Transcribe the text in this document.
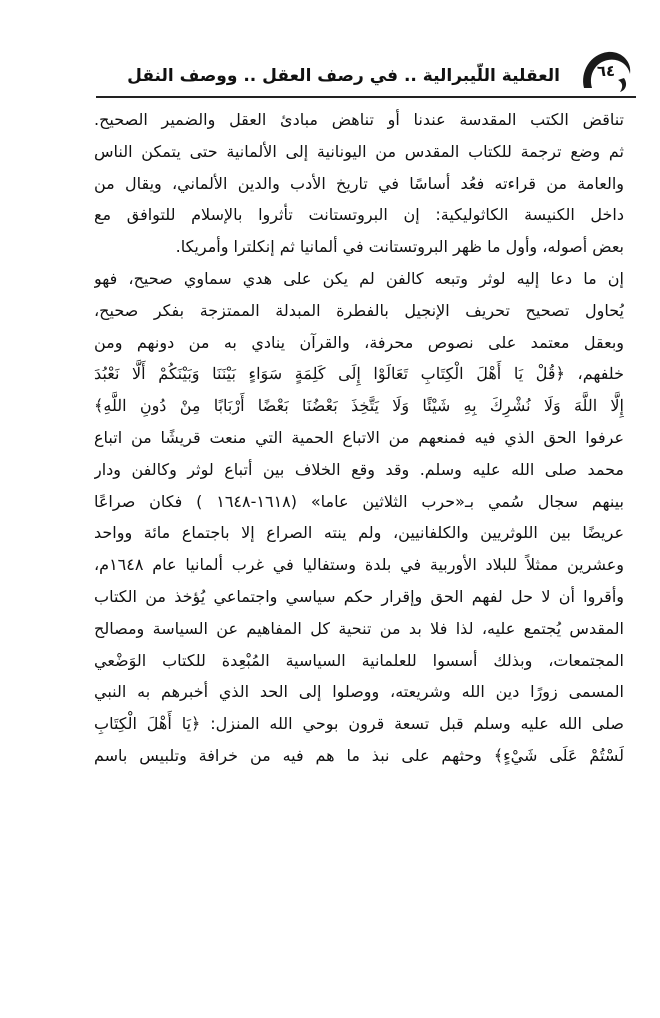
العقلية اللّيبرالية .. في رصف العقل .. ووصف النقل	٦٤
تناقض الكتب المقدسة عندنا أو تناهض مبادئ العقل والضمير الصحيح.
ثم وضع ترجمة للكتاب المقدس من اليونانية إلى الألمانية حتى يتمكن الناس
والعامة من قراءته فعُد أساسًا في تاريخ الأدب والدين الألماني، ويقال من
داخل الكنيسة الكاثوليكية: إن البروتستانت تأثروا بالإسلام للتوافق مع
بعض أصوله، وأول ما ظهر البروتستانت في ألمانيا ثم إنكلترا وأمريكا.
إن ما دعا إليه لوثر وتبعه كالفن لم يكن على هدي سماوي صحيح، فهو
يُحاول تصحيح تحريف الإنجيل بالفطرة المبدلة الممتزجة بفكر صحيح،
وبعقل معتمد على نصوص محرفة، والقرآن ينادي به من دونهم ومن
خلفهم، ﴿قُلْ يَا أَهْلَ الْكِتَابِ تَعَالَوْا إِلَى كَلِمَةٍ سَوَاءٍ بَيْنَنَا وَبَيْنَكُمْ أَلَّا نَعْبُدَ
إِلَّا اللَّهَ وَلَا نُشْرِكَ بِهِ شَيْئًا وَلَا يَتَّخِذَ بَعْضُنَا بَعْضًا أَرْبَابًا مِنْ دُونِ اللَّهِ﴾
عرفوا الحق الذي فيه فمنعهم من الاتباع الحمية التي منعت قريشًا من اتباع
محمد صلى الله عليه وسلم. وقد وقع الخلاف بين أتباع لوثر وكالفن ودار
بينهم سجال سُمي بـ«حرب الثلاثين عاما» (١٦١٨-١٦٤٨ ) فكان صراعًا
عريضًا بين اللوثريين والكلفانيين، ولم ينته الصراع إلا باجتماع مائة وواحد
وعشرين ممثلاً للبلاد الأوربية في بلدة وستفاليا في غرب ألمانيا عام ١٦٤٨م،
وأقروا أن لا حل لفهم الحق وإقرار حكم سياسي واجتماعي يُؤخذ من الكتاب
المقدس يُجتمع عليه، لذا فلا بد من تنحية كل المفاهيم عن السياسة ومصالح
المجتمعات، وبذلك أسسوا للعلمانية السياسية المُبْعِدة للكتاب الوَضْعي
المسمى زورًا دين الله وشريعته، ووصلوا إلى الحد الذي أخبرهم به النبي
صلى الله عليه وسلم قبل تسعة قرون بوحي الله المنزل: ﴿يَا أَهْلَ الْكِتَابِ
لَسْتُمْ عَلَى شَيْءٍ﴾ وحثهم على نبذ ما هم فيه من خرافة وتلبيس باسم
